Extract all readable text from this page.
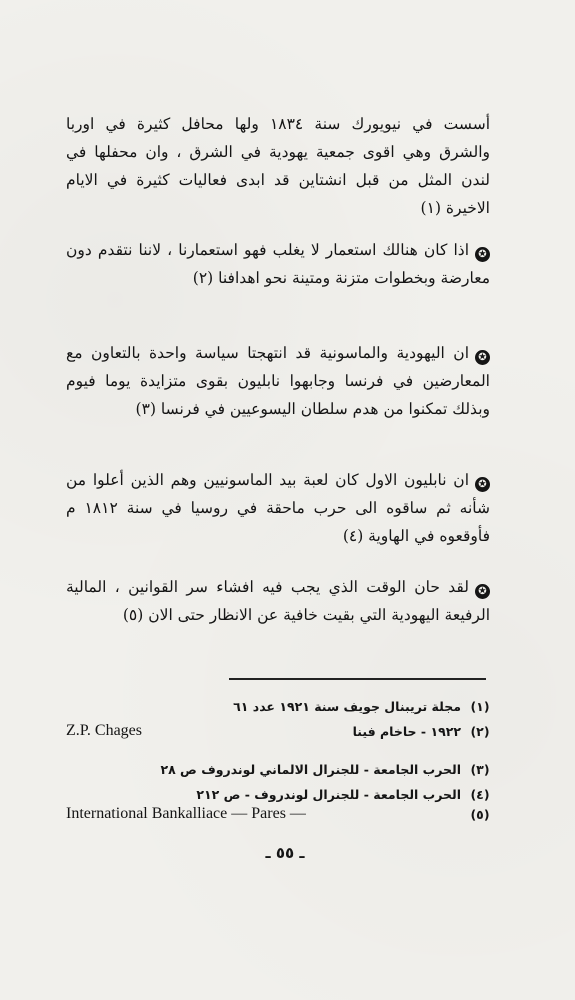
أسست في نيويورك سنة ١٨٣٤ ولها محافل كثيرة في اوربا والشرق وهي اقوى جمعية يهودية في الشرق ، وان محفلها في لندن المثل من قبل انشتاين قد ابدى فعاليات كثيرة في الايام الاخيرة (١)

✪اذا كان هنالك استعمار لا يغلب فهو استعمارنا ، لاننا نتقدم دون معارضة وبخطوات متزنة ومتينة نحو اهدافنا (٢)

✪ان اليهودية والماسونية قد انتهجتا سياسة واحدة بالتعاون مع المعارضين في فرنسا وجابهوا نابليون بقوى متزايدة يوما فيوم وبذلك تمكنوا من هدم سلطان اليسوعيين في فرنسا (٣)

✪ان نابليون الاول كان لعبة بيد الماسونيين وهم الذين أعلوا من شأنه ثم ساقوه الى حرب ماحقة في روسيا في سنة ١٨١٢ م فأوقعوه في الهاوية (٤)

✪لقد حان الوقت الذي يجب فيه افشاء سر القوانين ، المالية الرفيعة اليهودية التي بقيت خافية عن الانظار حتى الان (٥)

(١)
مجلة تريبنال جويف سنة ١٩٢١ عدد ٦١
(٢)
١٩٢٢ - حاخام فينا
Z.P. Chages
(٣)
الحرب الجامعة - للجنرال الالماني لوندروف ص ٢٨
(٤)
الحرب الجامعة - للجنرال لوندروف - ص ٢١٢
(٥)
International Bankalliace — Pares —
ـ ٥٥ ـ
